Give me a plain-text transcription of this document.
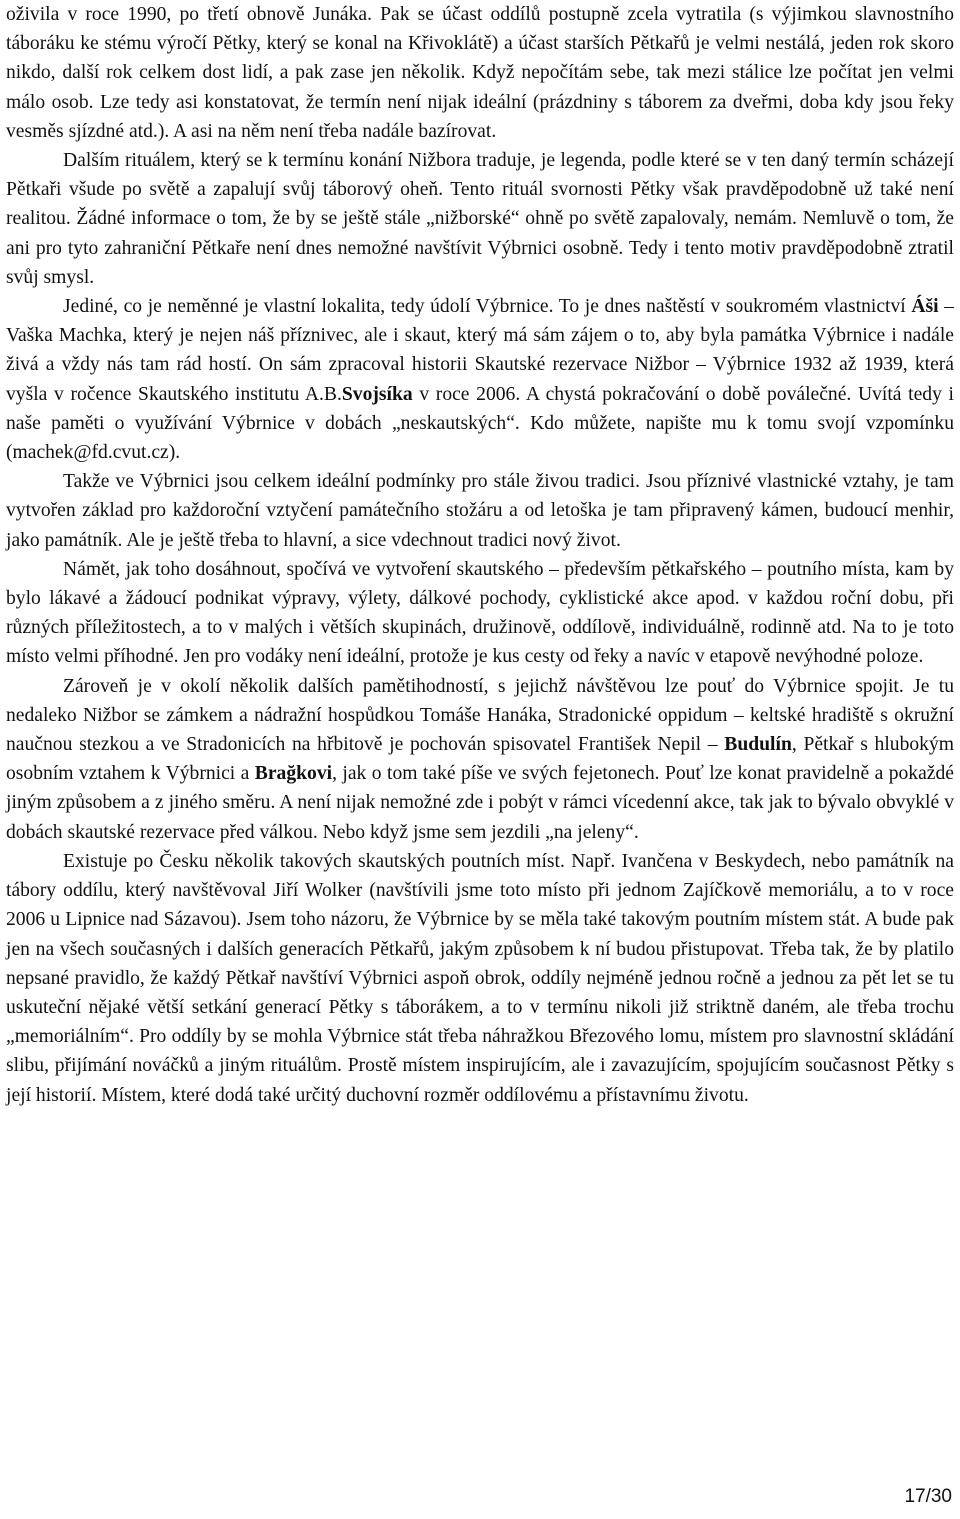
oživila v roce 1990, po třetí obnově Junáka. Pak se účast oddílů postupně zcela vytratila (s výjimkou slavnostního táboráku ke stému výročí Pětky, který se konal na Křivoklátě) a účast starších Pětkařů je velmi nestálá, jeden rok skoro nikdo, další rok celkem dost lidí, a pak zase jen několik. Když nepočítám sebe, tak mezi stálice lze počítat jen velmi málo osob. Lze tedy asi konstatovat, že termín není nijak ideální (prázdniny s táborem za dveřmi, doba kdy jsou řeky vesměs sjízdné atd.). A asi na něm není třeba nadále bazírovat.

Dalším rituálem, který se k termínu konání Nižbora traduje, je legenda, podle které se v ten daný termín scházejí Pětkaři všude po světě a zapalují svůj táborový oheň. Tento rituál svornosti Pětky však pravděpodobně už také není realitou. Žádné informace o tom, že by se ještě stále „nižborské“ ohně po světě zapalovaly, nemám. Nemluvě o tom, že ani pro tyto zahraniční Pětkaře není dnes nemožné navštívit Výbrnici osobně. Tedy i tento motiv pravděpodobně ztratil svůj smysl.

Jediné, co je neměnné je vlastní lokalita, tedy údolí Výbrnice. To je dnes naštěstí v soukromém vlastnictví Áši – Vaška Machka, který je nejen náš příznivec, ale i skaut, který má sám zájem o to, aby byla památka Výbrnice i nadále živá a vždy nás tam rád hostí. On sám zpracoval historii Skautské rezervace Nižbor – Výbrnice 1932 až 1939, která vyšla v ročence Skautského institutu A.B.Svojsíka v roce 2006. A chystá pokračování o době poválečné. Uvítá tedy i naše paměti o využívání Výbrnice v dobách „neskautských“. Kdo můžete, napište mu k tomu svojí vzpomínku (machek@fd.cvut.cz).

Takže ve Výbrnici jsou celkem ideální podmínky pro stále živou tradici. Jsou příznivé vlastnické vztahy, je tam vytvořen základ pro každoroční vztyčení památečního stožáru a od letoška je tam připravený kámen, budoucí menhir, jako památník. Ale je ještě třeba to hlavní, a sice vdechnout tradici nový život.

Námět, jak toho dosáhnout, spočívá ve vytvoření skautského – především pětkařského – poutního místa, kam by bylo lákavé a žádoucí podnikat výpravy, výlety, dálkové pochody, cyklistické akce apod. v každou roční dobu, při různých příležitostech, a to v malých i větších skupinách, družinově, oddílově, individuálně, rodinně atd. Na to je toto místo velmi příhodné. Jen pro vodáky není ideální, protože je kus cesty od řeky a navíc v etapově nevýhodné poloze.

Zároveň je v okolí několik dalších pamětihodností, s jejichž návštěvou lze pouť do Výbrnice spojit. Je tu nedaleko Nižbor se zámkem a nádražní hospůdkou Tomáše Hanáka, Stradonické oppidum – keltské hradiště s okružní naučnou stezkou a ve Stradonicích na hřbitově je pochován spisovatel František Nepil – Budulín, Pětkař s hlubokým osobním vztahem k Výbrnici a Brağkovi, jak o tom také píše ve svých fejetonech. Pouť lze konat pravidelně a pokaždé jiným způsobem a z jiného směru. A není nijak nemožné zde i pobýt v rámci vícedenní akce, tak jak to bývalo obvyklé v dobách skautské rezervace před válkou. Nebo když jsme sem jezdili „na jeleny“.

Existuje po Česku několik takových skautských poutních míst. Např. Ivančena v Beskydech, nebo památník na tábory oddílu, který navštěvoval Jiří Wolker (navštívili jsme toto místo při jednom Zajíčkově memoriálu, a to v roce 2006 u Lipnice nad Sázavou). Jsem toho názoru, že Výbrnice by se měla také takovým poutním místem stát. A bude pak jen na všech současných i dalších generacích Pětkařů, jakým způsobem k ní budou přistupovat. Třeba tak, že by platilo nepsané pravidlo, že každý Pětkař navštíví Výbrnici aspoň obrok, oddíly nejméně jednou ročně a jednou za pět let se tu uskuteční nějaké větší setkání generací Pětky s táborákem, a to v termínu nikoli již striktně daném, ale třeba trochu „memoriálním“. Pro oddíly by se mohla Výbrnice stát třeba náhražkou Březového lomu, místem pro slavnostní skládání slibu, přijímání nováčků a jiným rituálům. Prostě místem inspirujícím, ale i zavazujícím, spojujícím současnost Pětky s její historií. Místem, které dodá také určitý duchovní rozměr oddílovému a přístavnímu životu.

17/30
